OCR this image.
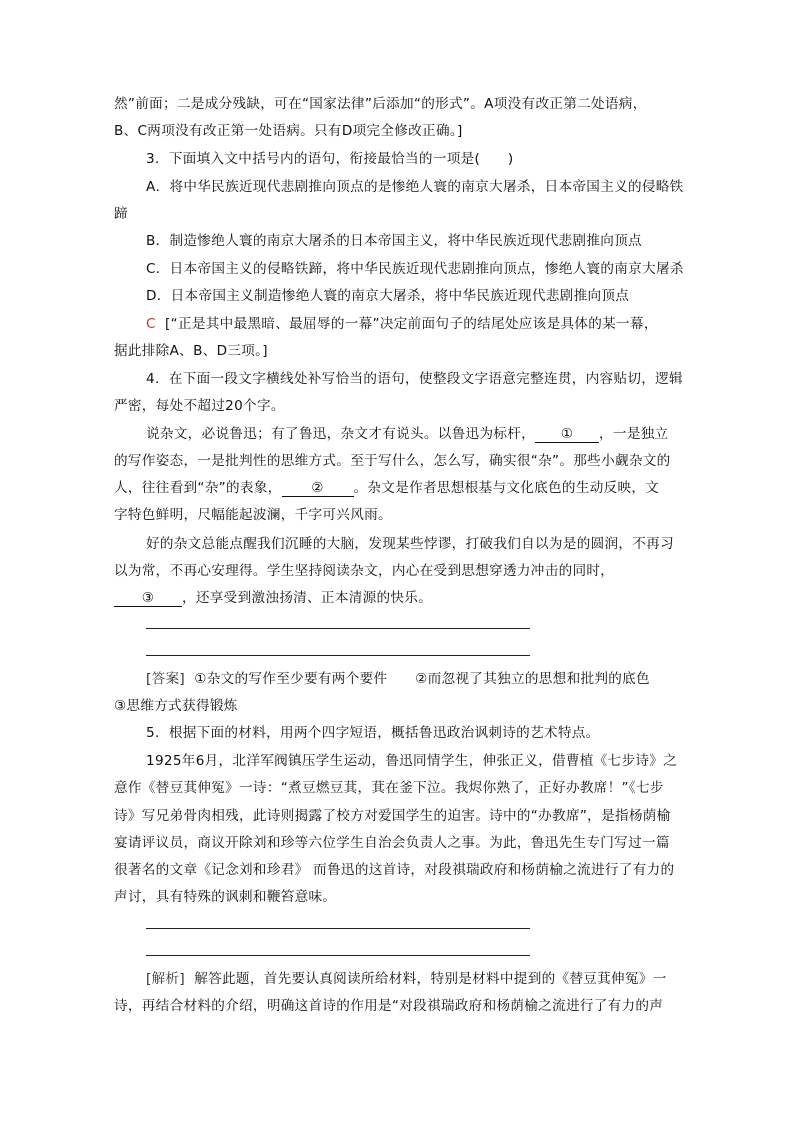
然”前面；二是成分残缺，可在“国家法律”后添加“的形式”。A项没有改正第二处语病，
B、C两项没有改正第一处语病。只有D项完全修改正确。]
3．下面填入文中括号内的语句，衔接最恰当的一项是(　　)
A．将中华民族近现代悲剧推向顶点的是惨绝人寰的南京大屠杀，日本帝国主义的侵略铁
蹄
B．制造惨绝人寰的南京大屠杀的日本帝国主义，将中华民族近现代悲剧推向顶点
C．日本帝国主义的侵略铁蹄，将中华民族近现代悲剧推向顶点，惨绝人寰的南京大屠杀
D．日本帝国主义制造惨绝人寰的南京大屠杀，将中华民族近现代悲剧推向顶点
C [“正是其中最黑暗、最屈辱的一幕”决定前面句子的结尾处应该是具体的某一幕，
据此排除A、B、D三项。]
4．在下面一段文字横线处补写恰当的语句，使整段文字语意完整连贯，内容贴切，逻辑
严密，每处不超过20个字。
说杂文，必说鲁迅；有了鲁迅，杂文才有说头。以鲁迅为标杆， ① ，一是独立
的写作姿态，一是批判性的思维方式。至于写什么，怎么写，确实很“杂”。那些小觑杂文的
人，往往看到“杂”的表象， ② 。杂文是作者思想根基与文化底色的生动反映，文
字特色鲜明，尺幅能起波澜，千字可兴风雨。
好的杂文总能点醒我们沉睡的大脑，发现某些悖谬，打破我们自以为是的圆润，不再习
以为常，不再心安理得。学生坚持阅读杂文，内心在受到思想穿透力冲击的同时，
③ ，还享受到激浊扬清、正本清源的快乐。
[答案] ①杂文的写作至少要有两个要件　　②而忽视了其独立的思想和批判的底色
③思维方式获得锻炼
5．根据下面的材料，用两个四字短语，概括鲁迅政治讽刺诗的艺术特点。
1925年6月，北洋军阀镇压学生运动，鲁迅同情学生，伸张正义，借曹植《七步诗》之
意作《替豆萁伸冤》一诗：“煮豆燃豆萁，萁在釜下泣。我烬你熟了，正好办教席！”《七步
诗》写兄弟骨肉相残，此诗则揭露了校方对爱国学生的迫害。诗中的“办教席”，是指杨荫榆
宴请评议员，商议开除刘和珍等六位学生自治会负责人之事。为此，鲁迅先生专门写过一篇
很著名的文章《记念刘和珍君》 而鲁迅的这首诗，对段祺瑞政府和杨荫榆之流进行了有力的
声讨，具有特殊的讽刺和鞭笞意味。
[解析] 解答此题，首先要认真阅读所给材料，特别是材料中提到的《替豆萁伸冤》一
诗，再结合材料的介绍，明确这首诗的作用是“对段祺瑞政府和杨荫榆之流进行了有力的声
